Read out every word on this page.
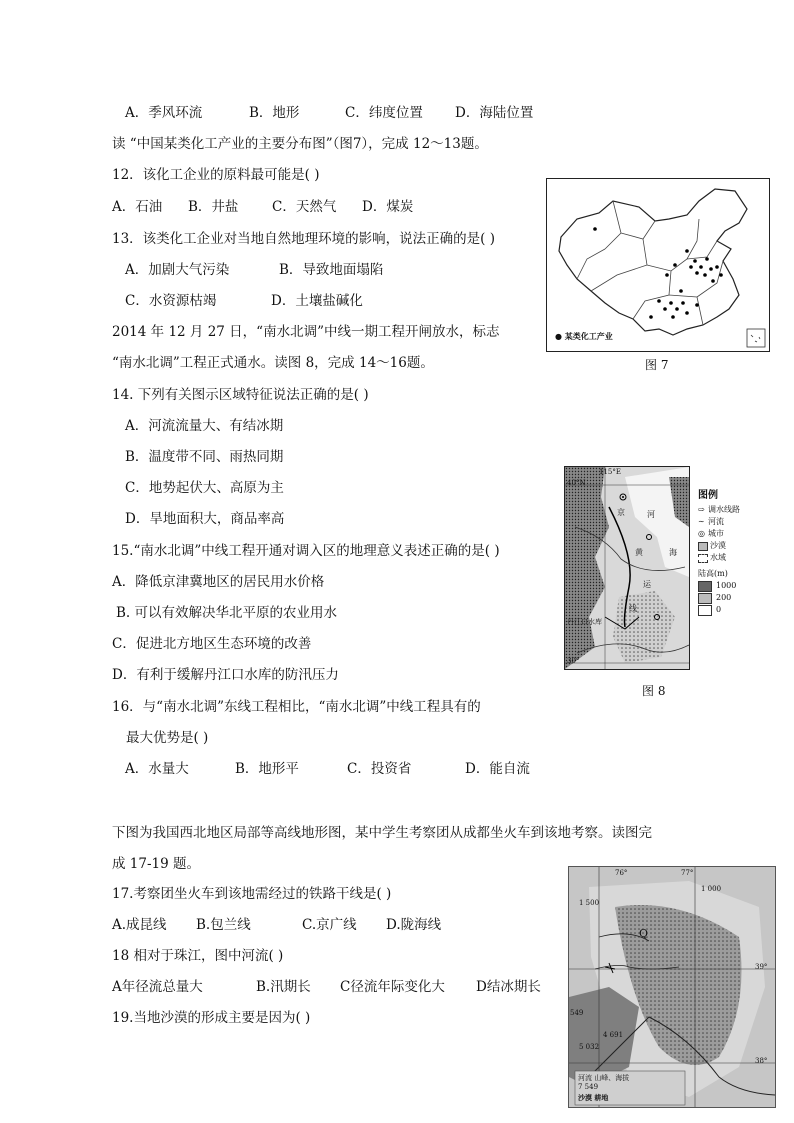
A．季风环流	B．地形	C．纬度位置 D．海陆位置
读 “中国某类化工产业的主要分布图”（图7），完成 12～13题。
12．该化工企业的原料最可能是( )
A．石油 B．井盐 C．天然气 D．煤炭
13．该类化工企业对当地自然地理环境的影响，说法正确的是( )
A．加剧大气污染	B．导致地面塌陷
C．水资源枯竭	D．土壤盐碱化
2014 年 12 月 27 日，“南水北调”中线一期工程开闸放水，标志
“南水北调”工程正式通水。读图 8，完成 14～16题。
14. 下列有关图示区域特征说法正确的是( )
A．河流流量大、有结冰期
B．温度带不同、雨热同期
C．地势起伏大、高原为主
D．旱地面积大，商品率高
15.“南水北调”中线工程开通对调入区的地理意义表述正确的是( )
A．降低京津冀地区的居民用水价格
B. 可以有效解决华北平原的农业用水
C．促进北方地区生态环境的改善
D．有利于缓解丹江口水库的防汛压力
16．与“南水北调”东线工程相比，“南水北调”中线工程具有的
最大优势是( )
A．水量大	B．地形平	C．投资省	D．能自流
下图为我国西北地区局部等高线地形图，某中学生考察团从成都坐火车到该地考察。读图完
成 17-19 题。
17.考察团坐火车到该地需经过的铁路干线是( )
A.成昆线 B.包兰线	C.京广线 D.陇海线
18 相对于珠江，图中河流( )
A年径流总量大	B.汛期长 C径流年际变化大 D结冰期长
19.当地沙漠的形成主要是因为( )
● 某类化工产业
图 7
40°N
115°E
30°
京
丹江口水库
河
黄	海
运
线
图例
⇨ 调水线路
∼ 河流
◎ 城市
沙漠
水域
陆高(m)
1000
200
0
图 8
76°	77°
39°
38°
1 000
1 500
Q
4 691
5 032
549
河流 山峰、海拔
7 549
沙漠 耕地
